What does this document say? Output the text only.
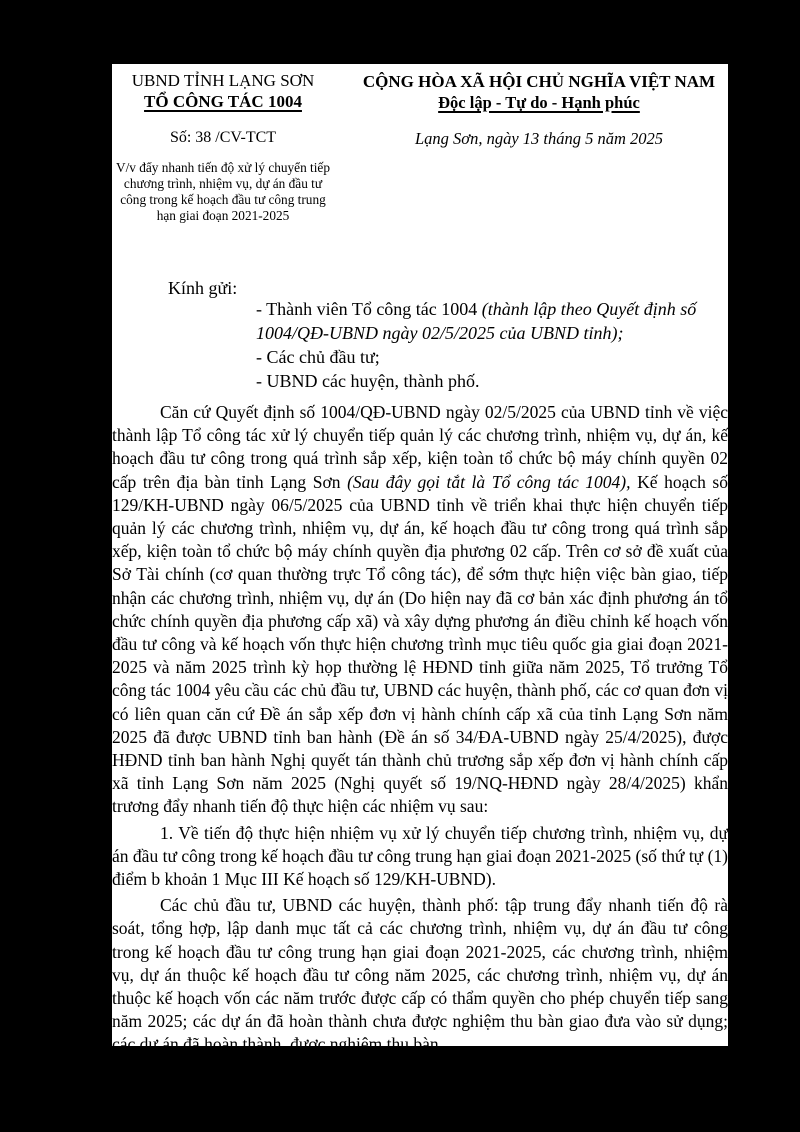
UBND TỈNH LẠNG SƠN
TỔ CÔNG TÁC 1004
Số: 38 /CV-TCT
V/v đẩy nhanh tiến độ xử lý chuyển tiếp chương trình, nhiệm vụ, dự án đầu tư công trong kế hoạch đầu tư công trung hạn giai đoạn 2021-2025
CỘNG HÒA XÃ HỘI CHỦ NGHĨA VIỆT NAM
Độc lập - Tự do - Hạnh phúc
Lạng Sơn, ngày 13 tháng 5 năm 2025
Kính gửi:
- Thành viên Tổ công tác 1004 (thành lập theo Quyết định số 1004/QĐ-UBND ngày 02/5/2025 của UBND tỉnh);
- Các chủ đầu tư;
- UBND các huyện, thành phố.

Căn cứ Quyết định số 1004/QĐ-UBND ngày 02/5/2025 của UBND tỉnh về việc thành lập Tổ công tác xử lý chuyển tiếp quản lý các chương trình, nhiệm vụ, dự án, kế hoạch đầu tư công trong quá trình sắp xếp, kiện toàn tổ chức bộ máy chính quyền 02 cấp trên địa bàn tỉnh Lạng Sơn (Sau đây gọi tắt là Tổ công tác 1004), Kế hoạch số 129/KH-UBND ngày 06/5/2025 của UBND tỉnh về triển khai thực hiện chuyển tiếp quản lý các chương trình, nhiệm vụ, dự án, kế hoạch đầu tư công trong quá trình sắp xếp, kiện toàn tổ chức bộ máy chính quyền địa phương 02 cấp. Trên cơ sở đề xuất của Sở Tài chính (cơ quan thường trực Tổ công tác), để sớm thực hiện việc bàn giao, tiếp nhận các chương trình, nhiệm vụ, dự án (Do hiện nay đã cơ bản xác định phương án tổ chức chính quyền địa phương cấp xã) và xây dựng phương án điều chỉnh kế hoạch vốn đầu tư công và kế hoạch vốn thực hiện chương trình mục tiêu quốc gia giai đoạn 2021-2025 và năm 2025 trình kỳ họp thường lệ HĐND tỉnh giữa năm 2025, Tổ trưởng Tổ công tác 1004 yêu cầu các chủ đầu tư, UBND các huyện, thành phố, các cơ quan đơn vị có liên quan căn cứ Đề án sắp xếp đơn vị hành chính cấp xã của tỉnh Lạng Sơn năm 2025 đã được UBND tỉnh ban hành (Đề án số 34/ĐA-UBND ngày 25/4/2025), được HĐND tỉnh ban hành Nghị quyết tán thành chủ trương sắp xếp đơn vị hành chính cấp xã tỉnh Lạng Sơn năm 2025 (Nghị quyết số 19/NQ-HĐND ngày 28/4/2025) khẩn trương đẩy nhanh tiến độ thực hiện các nhiệm vụ sau:

1. Về tiến độ thực hiện nhiệm vụ xử lý chuyển tiếp chương trình, nhiệm vụ, dự án đầu tư công trong kế hoạch đầu tư công trung hạn giai đoạn 2021-2025 (số thứ tự (1) điểm b khoản 1 Mục III Kế hoạch số 129/KH-UBND).

Các chủ đầu tư, UBND các huyện, thành phố: tập trung đẩy nhanh tiến độ rà soát, tổng hợp, lập danh mục tất cả các chương trình, nhiệm vụ, dự án đầu tư công trong kế hoạch đầu tư công trung hạn giai đoạn 2021-2025, các chương trình, nhiệm vụ, dự án thuộc kế hoạch đầu tư công năm 2025, các chương trình, nhiệm vụ, dự án thuộc kế hoạch vốn các năm trước được cấp có thẩm quyền cho phép chuyển tiếp sang năm 2025; các dự án đã hoàn thành chưa được nghiệm thu bàn giao đưa vào sử dụng; các dự án đã hoàn thành, được nghiệm thu bàn
